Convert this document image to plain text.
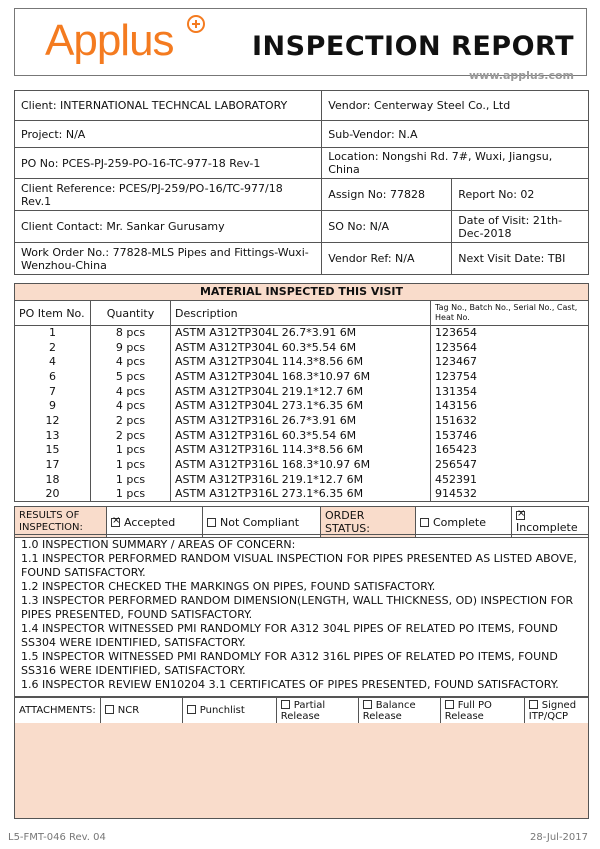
Applus	INSPECTION REPORT
www.applus.com
Client: INTERNATIONAL TECHNCAL LABORATORY	Vendor: Centerway Steel Co., Ltd	
Project: N/A	Sub-Vendor: N.A	
PO No: PCES-PJ-259-PO-16-TC-977-18 Rev-1	Location: Nongshi Rd. 7#, Wuxi, Jiangsu, China	
Client Reference: PCES/PJ-259/PO-16/TC-977/18 Rev.1	Assign No: 77828	Report No: 02
Client Contact: Mr. Sankar Gurusamy	SO No: N/A	Date of Visit: 21th-Dec-2018
Work Order No.: 77828-MLS Pipes and Fittings-Wuxi-Wenzhou-China	Vendor Ref: N/A	Next Visit Date: TBI
MATERIAL INSPECTED THIS VISIT
PO Item No.	Quantity	Description	Tag No., Batch No., Serial No., Cast, Heat No.
1	8 pcs	ASTM A312TP304L 26.7*3.91 6M	123654
2	9 pcs	ASTM A312TP304L 60.3*5.54 6M	123564
4	4 pcs	ASTM A312TP304L 114.3*8.56 6M	123467
6	5 pcs	ASTM A312TP304L 168.3*10.97 6M	123754
7	4 pcs	ASTM A312TP304L 219.1*12.7 6M	131354
9	4 pcs	ASTM A312TP304L 273.1*6.35 6M	143156
12	2 pcs	ASTM A312TP316L 26.7*3.91 6M	151632
13	2 pcs	ASTM A312TP316L 60.3*5.54 6M	153746
15	1 pcs	ASTM A312TP316L 114.3*8.56 6M	165423
17	1 pcs	ASTM A312TP316L 168.3*10.97 6M	256547
18	1 pcs	ASTM A312TP316L 219.1*12.7 6M	452391
20	1 pcs	ASTM A312TP316L 273.1*6.35 6M	914532
RESULTS OF INSPECTION:	×Accepted	Not Compliant	ORDER STATUS:	Complete	×Incomplete
1.0 INSPECTION SUMMARY / AREAS OF CONCERN:
1.1 INSPECTOR PERFORMED RANDOM VISUAL INSPECTION FOR PIPES PRESENTED AS LISTED ABOVE, FOUND SATISFACTORY.
1.2 INSPECTOR CHECKED THE MARKINGS ON PIPES, FOUND SATISFACTORY.
1.3 INSPECTOR PERFORMED RANDOM DIMENSION(LENGTH, WALL THICKNESS, OD) INSPECTION FOR PIPES PRESENTED, FOUND SATISFACTORY.
1.4 INSPECTOR WITNESSED PMI RANDOMLY FOR A312 304L PIPES OF RELATED PO ITEMS, FOUND SS304 WERE IDENTIFIED, SATISFACTORY.
1.5 INSPECTOR WITNESSED PMI RANDOMLY FOR A312 316L PIPES OF RELATED PO ITEMS, FOUND SS316 WERE IDENTIFIED, SATISFACTORY.
1.6 INSPECTOR REVIEW EN10204 3.1 CERTIFICATES OF PIPES PRESENTED, FOUND SATISFACTORY.
ATTACHMENTS:	NCR	Punchlist	Partial Release	Balance Release	Full PO Release	Signed ITP/QCP
L5-FMT-046 Rev. 04	28-Jul-2017
